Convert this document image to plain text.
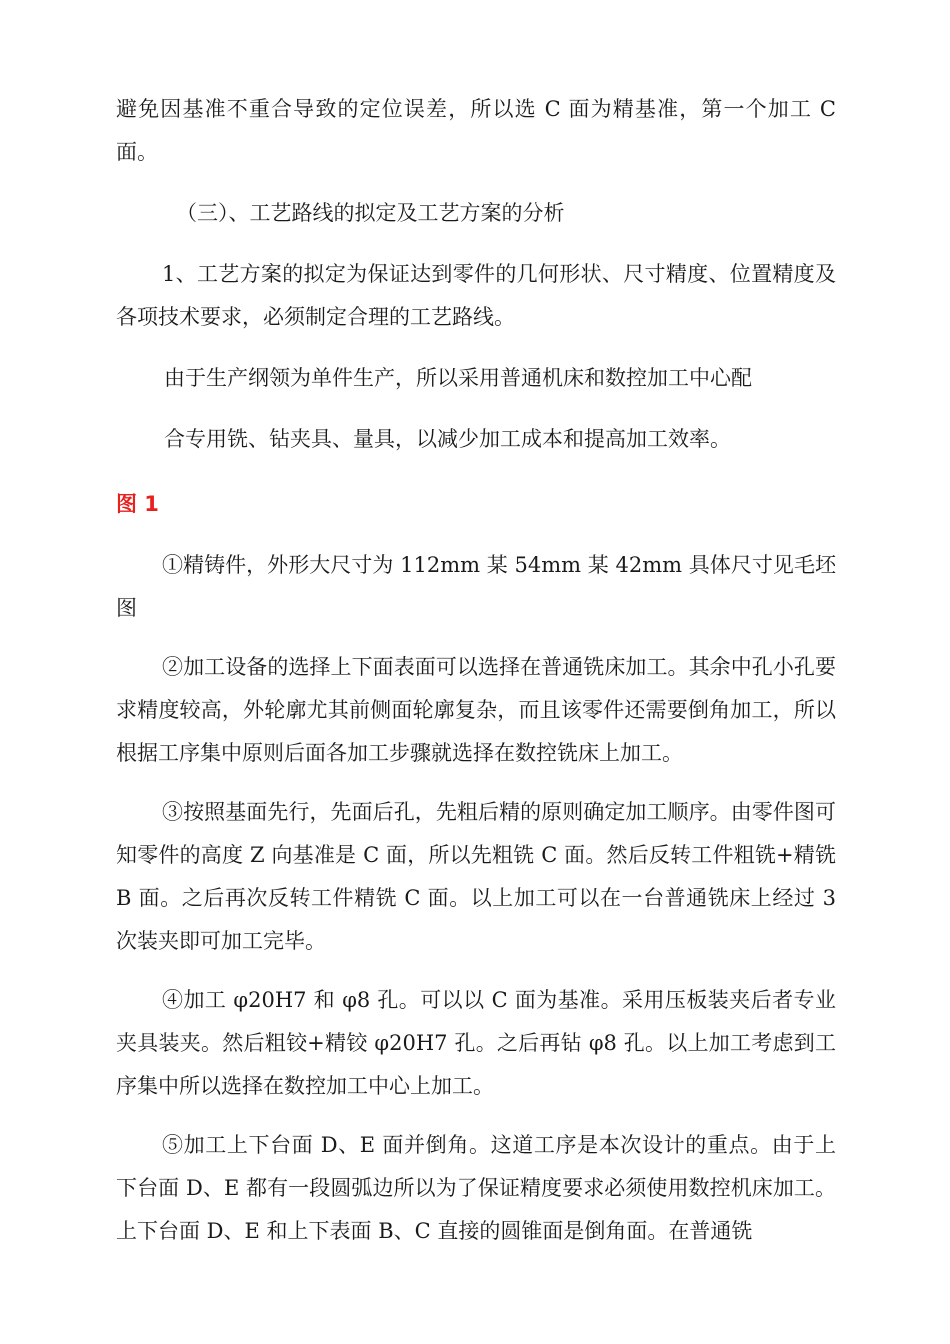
避免因基准不重合导致的定位误差，所以选 C 面为精基准，第一个加工 C 面。

（三）、工艺路线的拟定及工艺方案的分析

1、工艺方案的拟定为保证达到零件的几何形状、尺寸精度、位置精度及各项技术要求，必须制定合理的工艺路线。

由于生产纲领为单件生产，所以采用普通机床和数控加工中心配

合专用铣、钻夹具、量具，以减少加工成本和提高加工效率。

图 1

①精铸件，外形大尺寸为 112mm 某 54mm 某 42mm 具体尺寸见毛坯图

②加工设备的选择上下面表面可以选择在普通铣床加工。其余中孔小孔要求精度较高，外轮廓尤其前侧面轮廓复杂，而且该零件还需要倒角加工，所以根据工序集中原则后面各加工步骤就选择在数控铣床上加工。

③按照基面先行，先面后孔，先粗后精的原则确定加工顺序。由零件图可知零件的高度 Z 向基准是 C 面，所以先粗铣 C 面。然后反转工件粗铣+精铣 B 面。之后再次反转工件精铣 C 面。以上加工可以在一台普通铣床上经过 3 次装夹即可加工完毕。

④加工 φ20H7 和 φ8 孔。可以以 C 面为基准。采用压板装夹后者专业夹具装夹。然后粗铰+精铰 φ20H7 孔。之后再钻 φ8 孔。以上加工考虑到工序集中所以选择在数控加工中心上加工。

⑤加工上下台面 D、E 面并倒角。这道工序是本次设计的重点。由于上下台面 D、E 都有一段圆弧边所以为了保证精度要求必须使用数控机床加工。上下台面 D、E 和上下表面 B、C 直接的圆锥面是倒角面。在普通铣
